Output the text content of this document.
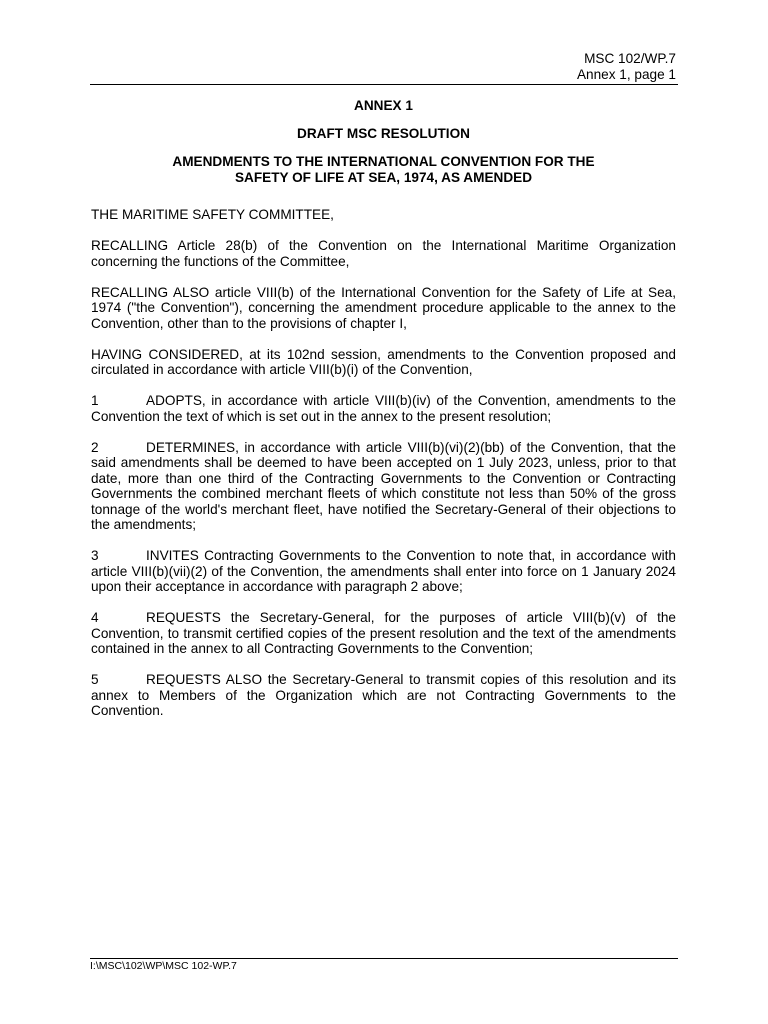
MSC 102/WP.7
Annex 1, page 1

ANNEX 1

DRAFT MSC RESOLUTION

AMENDMENTS TO THE INTERNATIONAL CONVENTION FOR THE
SAFETY OF LIFE AT SEA, 1974, AS AMENDED

THE MARITIME SAFETY COMMITTEE,

RECALLING Article 28(b) of the Convention on the International Maritime Organization concerning the functions of the Committee,

RECALLING ALSO article VIII(b) of the International Convention for the Safety of Life at Sea, 1974 ("the Convention"), concerning the amendment procedure applicable to the annex to the Convention, other than to the provisions of chapter I,

HAVING CONSIDERED, at its 102nd session, amendments to the Convention proposed and circulated in accordance with article VIII(b)(i) of the Convention,

1	ADOPTS, in accordance with article VIII(b)(iv) of the Convention, amendments to the Convention the text of which is set out in the annex to the present resolution;

2	DETERMINES, in accordance with article VIII(b)(vi)(2)(bb) of the Convention, that the said amendments shall be deemed to have been accepted on 1 July 2023, unless, prior to that date, more than one third of the Contracting Governments to the Convention or Contracting Governments the combined merchant fleets of which constitute not less than 50% of the gross tonnage of the world's merchant fleet, have notified the Secretary-General of their objections to the amendments;

3	INVITES Contracting Governments to the Convention to note that, in accordance with article VIII(b)(vii)(2) of the Convention, the amendments shall enter into force on 1 January 2024 upon their acceptance in accordance with paragraph 2 above;

4	REQUESTS the Secretary-General, for the purposes of article VIII(b)(v) of the Convention, to transmit certified copies of the present resolution and the text of the amendments contained in the annex to all Contracting Governments to the Convention;

5	REQUESTS ALSO the Secretary-General to transmit copies of this resolution and its annex to Members of the Organization which are not Contracting Governments to the Convention.

I:\MSC\102\WP\MSC 102-WP.7
